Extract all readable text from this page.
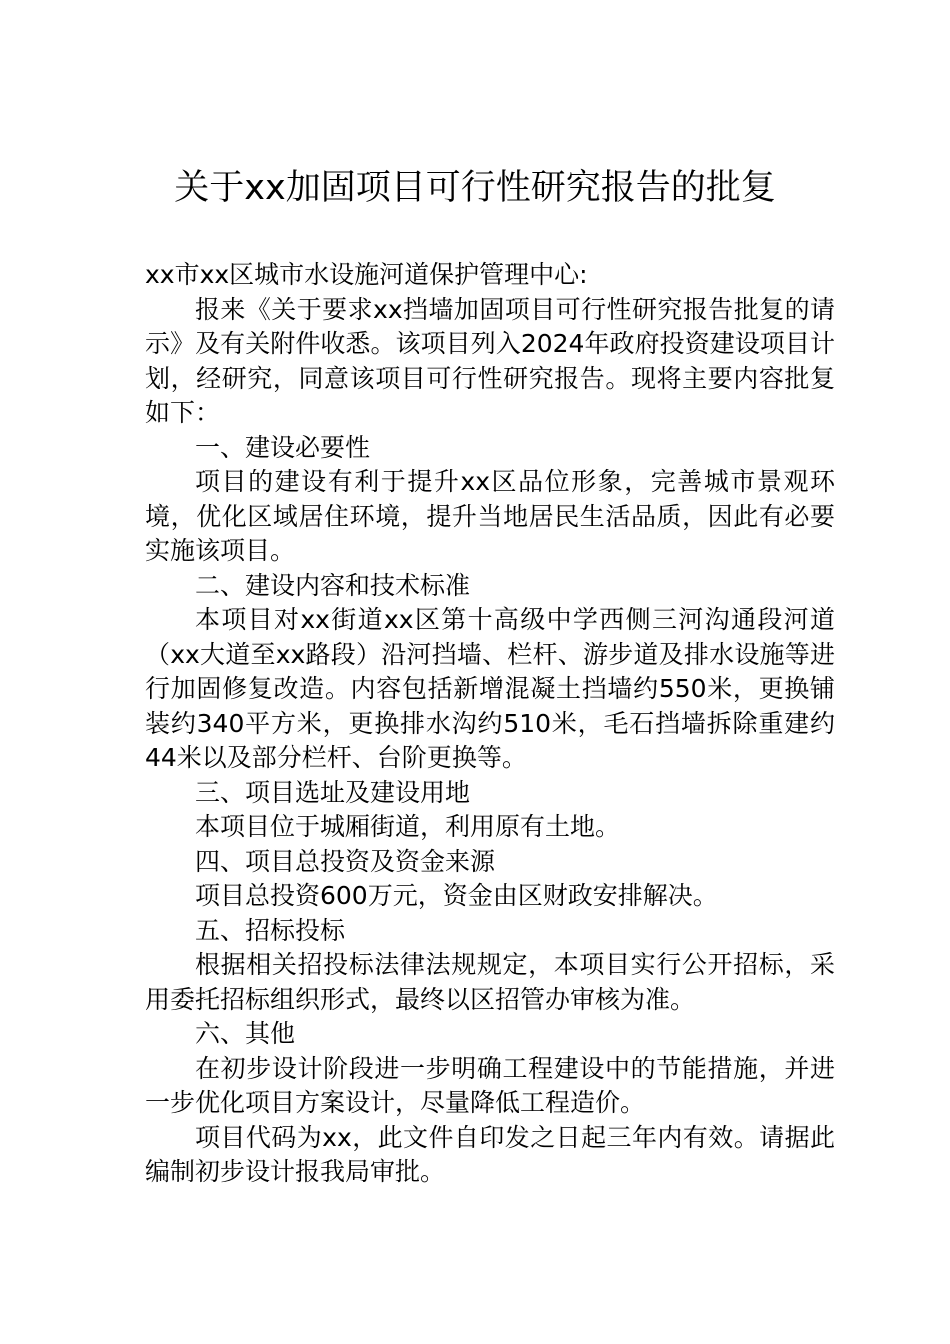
关于xx加固项目可行性研究报告的批复

xx市xx区城市水设施河道保护管理中心:

报来《关于要求xx挡墙加固项目可行性研究报告批复的请示》及有关附件收悉。该项目列入2024年政府投资建设项目计划，经研究，同意该项目可行性研究报告。现将主要内容批复如下：

一、建设必要性

项目的建设有利于提升xx区品位形象，完善城市景观环境，优化区域居住环境，提升当地居民生活品质，因此有必要实施该项目。

二、建设内容和技术标准

本项目对xx街道xx区第十高级中学西侧三河沟通段河道（xx大道至xx路段）沿河挡墙、栏杆、游步道及排水设施等进行加固修复改造。内容包括新增混凝土挡墙约550米，更换铺装约340平方米，更换排水沟约510米，毛石挡墙拆除重建约44米以及部分栏杆、台阶更换等。

三、项目选址及建设用地

本项目位于城厢街道，利用原有土地。

四、项目总投资及资金来源

项目总投资600万元，资金由区财政安排解决。

五、招标投标

根据相关招投标法律法规规定，本项目实行公开招标，采用委托招标组织形式，最终以区招管办审核为准。

六、其他

在初步设计阶段进一步明确工程建设中的节能措施，并进一步优化项目方案设计，尽量降低工程造价。

项目代码为xx，此文件自印发之日起三年内有效。请据此编制初步设计报我局审批。
